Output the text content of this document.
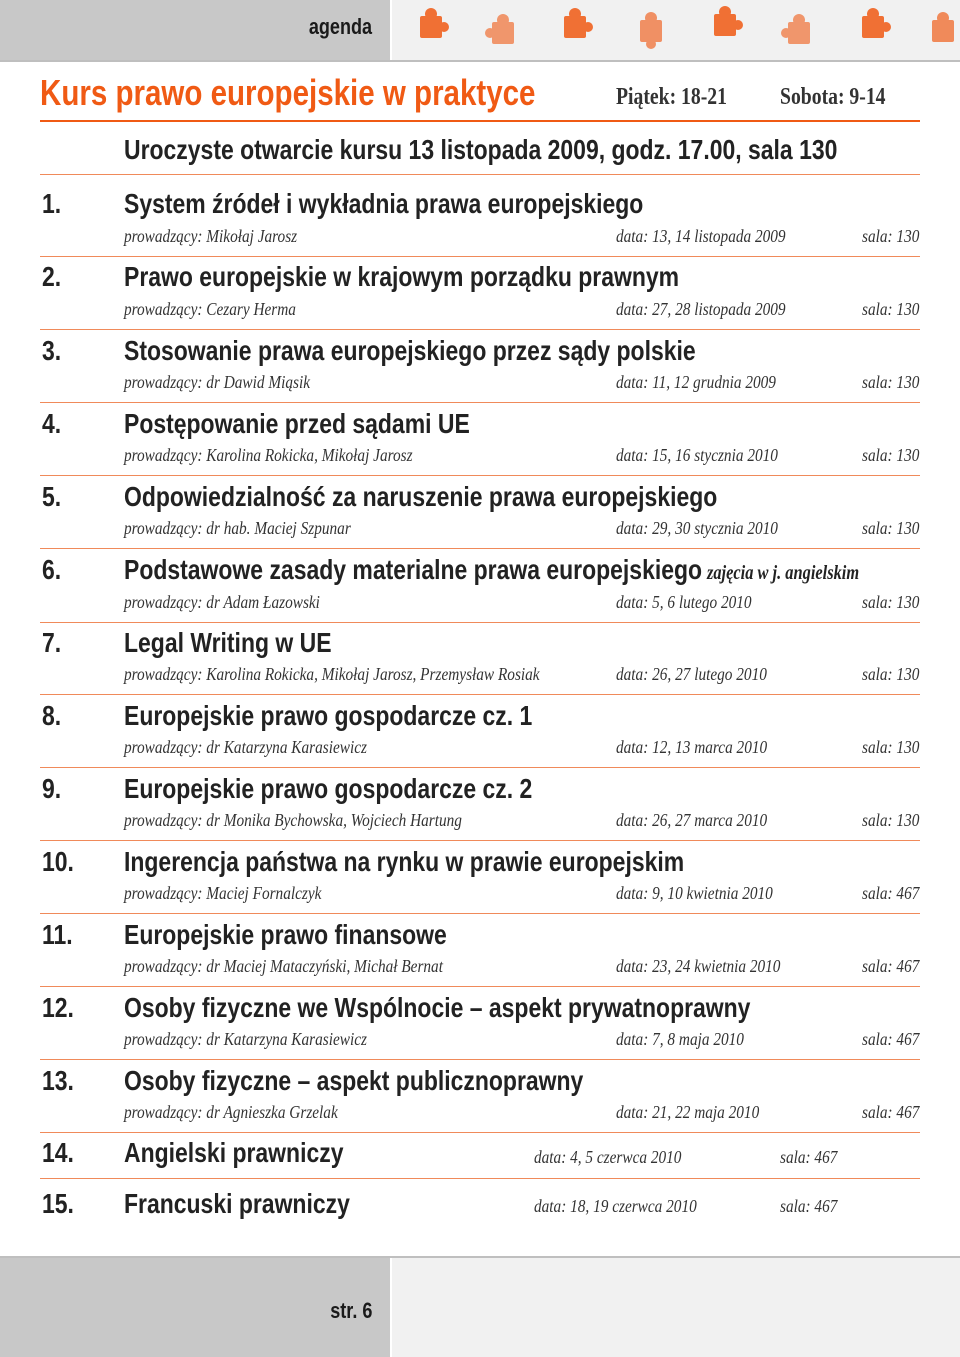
agenda
Kurs prawo europejskie w praktyce	Piątek: 18-21 Sobota: 9-14
Uroczyste otwarcie kursu 13 listopada 2009, godz. 17.00, sala 130
1. System źródeł i wykładnia prawa europejskiego
prowadzący: Mikołaj Jarosz	data: 13, 14 listopada 2009	sala: 130
2. Prawo europejskie w krajowym porządku prawnym
prowadzący: Cezary Herma	data: 27, 28 listopada 2009	sala: 130
3. Stosowanie prawa europejskiego przez sądy polskie
prowadzący: dr Dawid Miąsik	data: 11, 12 grudnia 2009	sala: 130
4. Postępowanie przed sądami UE
prowadzący: Karolina Rokicka, Mikołaj Jarosz	data: 15, 16 stycznia 2010	sala: 130
5. Odpowiedzialność za naruszenie prawa europejskiego
prowadzący: dr hab. Maciej Szpunar	data: 29, 30 stycznia 2010	sala: 130
6. Podstawowe zasady materialne prawa europejskiego zajęcia w j. angielskim
prowadzący: dr Adam Łazowski	data: 5, 6 lutego 2010	sala: 130
7. Legal Writing w UE
prowadzący: Karolina Rokicka, Mikołaj Jarosz, Przemysław Rosiak	data: 26, 27 lutego 2010	sala: 130
8. Europejskie prawo gospodarcze cz. 1
prowadzący: dr Katarzyna Karasiewicz	data: 12, 13 marca 2010	sala: 130
9. Europejskie prawo gospodarcze cz. 2
prowadzący: dr Monika Bychowska, Wojciech Hartung	data: 26, 27 marca 2010	sala: 130
10. Ingerencja państwa na rynku w prawie europejskim
prowadzący: Maciej Fornalczyk	data: 9, 10 kwietnia 2010	sala: 467
11. Europejskie prawo finansowe
prowadzący: dr Maciej Mataczyński, Michał Bernat	data: 23, 24 kwietnia 2010	sala: 467
12. Osoby fizyczne we Wspólnocie – aspekt prywatnoprawny
prowadzący: dr Katarzyna Karasiewicz	data: 7, 8 maja 2010	sala: 467
13. Osoby fizyczne – aspekt publicznoprawny
prowadzący: dr Agnieszka Grzelak	data: 21, 22 maja 2010	sala: 467
14. Angielski prawniczy	data: 4, 5 czerwca 2010	sala: 467
15. Francuski prawniczy	data: 18, 19 czerwca 2010	sala: 467
str. 6
